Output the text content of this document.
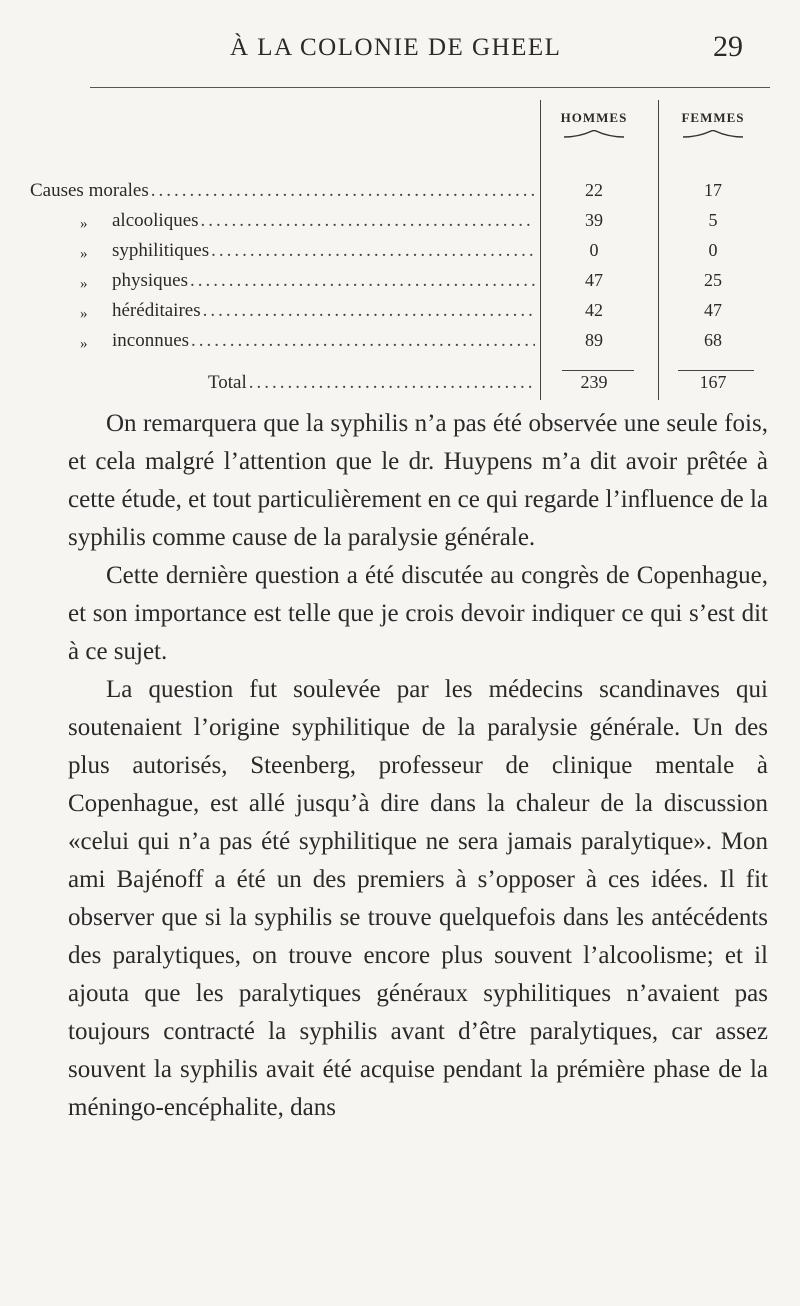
À LA COLONIE DE GHEEL	29
HOMMES	FEMMES
Causes morales .....	22	17
» alcooliques .....	39	5
» syphilitiques .....	0	0
» physiques .....	47	25
» héréditaires .....	42	47
» inconnues .....	89	68
Total .....	239	167

On remarquera que la syphilis n’a pas été observée une seule fois, et cela malgré l’attention que le dr. Huypens m’a dit avoir prêtée à cette étude, et tout particulièrement en ce qui regarde l’influence de la syphilis comme cause de la paralysie générale.

Cette dernière question a été discutée au congrès de Copenhague, et son importance est telle que je crois devoir indiquer ce qui s’est dit à ce sujet.

La question fut soulevée par les médecins scandinaves qui soutenaient l’origine syphilitique de la paralysie générale. Un des plus autorisés, Steenberg, professeur de clinique mentale à Copenhague, est allé jusqu’à dire dans la chaleur de la discussion «celui qui n’a pas été syphilitique ne sera jamais paralytique». Mon ami Bajénoff a été un des premiers à s’opposer à ces idées. Il fit observer que si la syphilis se trouve quelquefois dans les antécédents des paralytiques, on trouve encore plus souvent l’alcoolisme; et il ajouta que les paralytiques généraux syphilitiques n’avaient pas toujours contracté la syphilis avant d’être paralytiques, car assez souvent la syphilis avait été acquise pendant la prémière phase de la méningo-encéphalite, dans
